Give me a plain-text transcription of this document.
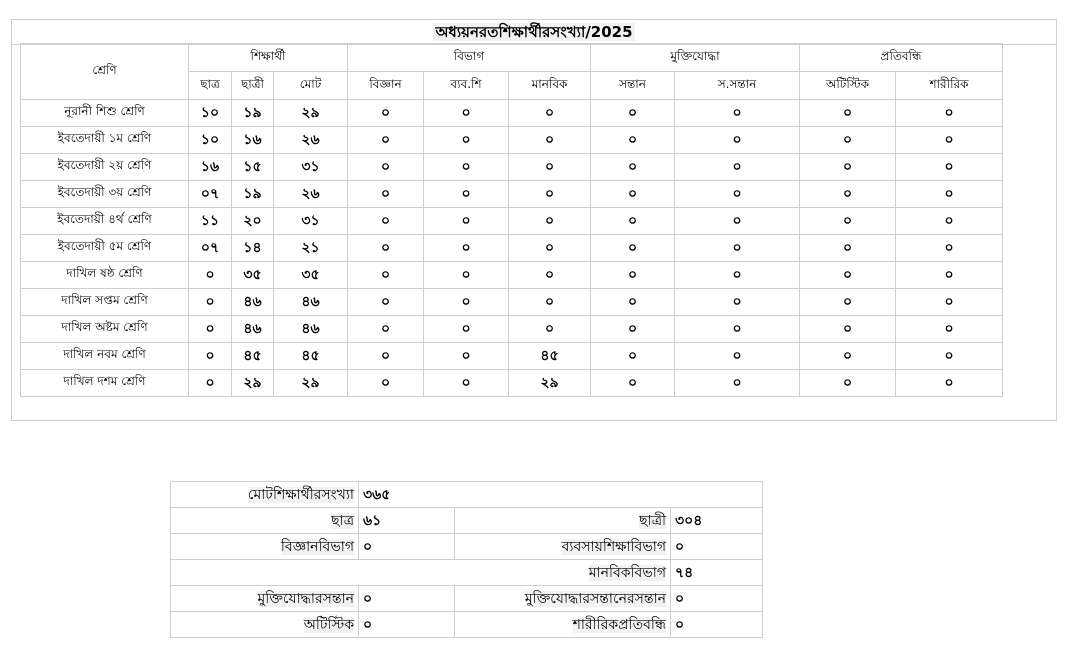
অধ্যয়নরতশিক্ষার্থীরসংখ্যা/2025
শ্রেণি	শিক্ষার্থী			বিভাগ			মুক্তিযোদ্ধা		প্রতিবন্ধি	
	ছাত্র	ছাত্রী	মোট	বিজ্ঞান	ব্যব.শি	মানবিক	সন্তান	স.সন্তান	অটিস্টিক	শারীরিক
নূরানী শিশু শ্রেণি	১০	১৯	২৯	০	০	০	০	০	০	০
ইবতেদায়ী ১ম শ্রেণি	১০	১৬	২৬	০	০	০	০	০	০	০
ইবতেদায়ী ২য় শ্রেণি	১৬	১৫	৩১	০	০	০	০	০	০	০
ইবতেদায়ী ৩য় শ্রেণি	০৭	১৯	২৬	০	০	০	০	০	০	০
ইবতেদায়ী ৪র্থ শ্রেণি	১১	২০	৩১	০	০	০	০	০	০	০
ইবতেদায়ী ৫ম শ্রেণি	০৭	১৪	২১	০	০	০	০	০	০	০
দাখিল ষষ্ঠ শ্রেণি	০	৩৫	৩৫	০	০	০	০	০	০	০
দাখিল সপ্তম শ্রেণি	০	৪৬	৪৬	০	০	০	০	০	০	০
দাখিল অষ্টম শ্রেণি	০	৪৬	৪৬	০	০	০	০	০	০	০
দাখিল নবম শ্রেণি	০	৪৫	৪৫	০	০	৪৫	০	০	০	০
দাখিল দশম শ্রেণি	০	২৯	২৯	০	০	২৯	০	০	০	০
মোটশিক্ষার্থীরসংখ্যা	৩৬৫		
ছাত্র	৬১	ছাত্রী	৩০৪
বিজ্ঞানবিভাগ	০	ব্যবসায়শিক্ষাবিভাগ	০
মানবিকবিভাগ			৭৪
মুক্তিযোদ্ধারসন্তান	০	মুক্তিযোদ্ধারসন্তানেরসন্তান	০
অটিস্টিক	০	শারীরিকপ্রতিবন্ধি	০
